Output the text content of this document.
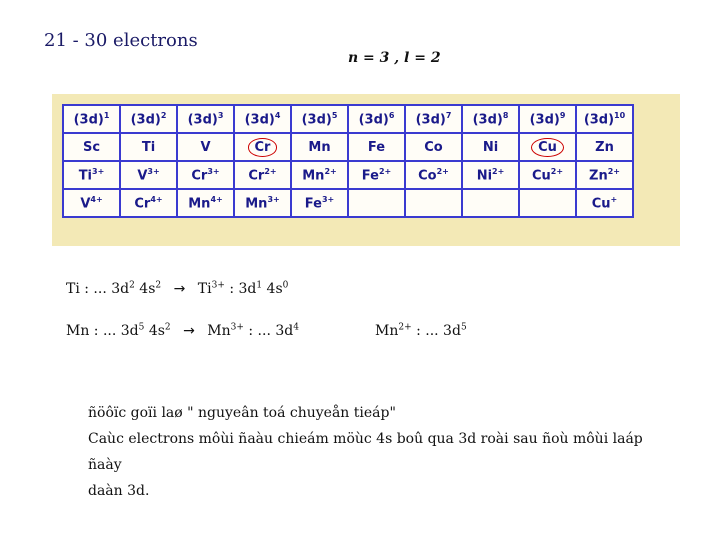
21 - 30 electrons
n = 3 , l = 2
$(3d)^1$	$(3d)^2$	$(3d)^3$	$(3d)^4$	$(3d)^5$	$(3d)^6$	$(3d)^7$	$(3d)^8$	$(3d)^9$	$(3d)^{10}$
Sc	Ti	V	Cr	Mn	Fe	Co	Ni	Cu	Zn
$Ti^{3+}$	$V^{3+}$	$Cr^{3+}$	$Cr^{2+}$	$Mn^{2+}$	$Fe^{2+}$	$Co^{2+}$	$Ni^{2+}$	$Cu^{2+}$	$Zn^{2+}$
$V^{4+}$	$Cr^{4+}$	$Mn^{4+}$	$Mn^{3+}$	$Fe^{3+}$					Cu+
Ti : ... $3d^2$ $4s^2 \to Ti^{3+}$ : $3d^1$ $4s^0$
Mn : ... $3d^5$ $4s^2 \to Mn^{3+}$ : ... $3d^4$	$Mn^{2+}$ : ... $3d^5$
ñöôïc goïi laø " nguyeân toá chuyeån tieáp"
Caùc electrons môùi ñaàu chieám möùc 4s boû qua 3d roài sau ñoù môùi laáp ñaày
daàn 3d.
